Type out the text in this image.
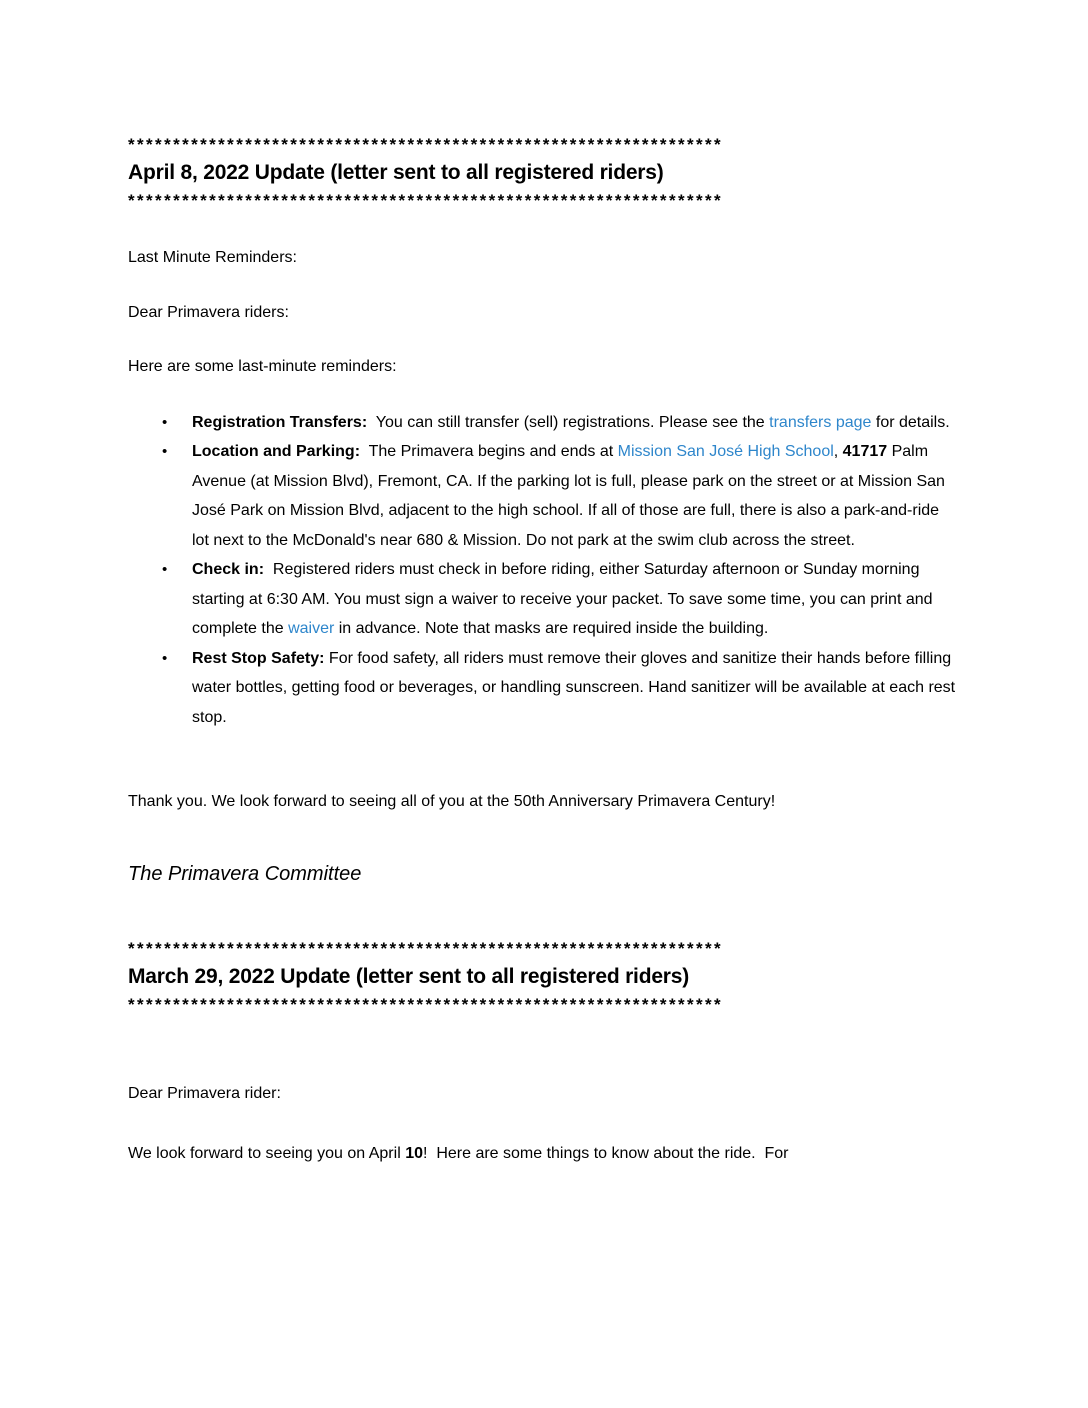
******************************************************************
April 8, 2022 Update (letter sent to all registered riders)
******************************************************************

Last Minute Reminders:

Dear Primavera riders:

Here are some last-minute reminders:

• Registration Transfers:  You can still transfer (sell) registrations. Please see the transfers page for details.
• Location and Parking:  The Primavera begins and ends at Mission San José High School, 41717 Palm Avenue (at Mission Blvd), Fremont, CA. If the parking lot is full, please park on the street or at Mission San José Park on Mission Blvd, adjacent to the high school. If all of those are full, there is also a park-and-ride lot next to the McDonald's near 680 & Mission. Do not park at the swim club across the street.
• Check in:  Registered riders must check in before riding, either Saturday afternoon or Sunday morning starting at 6:30 AM. You must sign a waiver to receive your packet. To save some time, you can print and complete the waiver in advance. Note that masks are required inside the building.
• Rest Stop Safety: For food safety, all riders must remove their gloves and sanitize their hands before filling water bottles, getting food or beverages, or handling sunscreen. Hand sanitizer will be available at each rest stop.

Thank you. We look forward to seeing all of you at the 50th Anniversary Primavera Century!

The Primavera Committee

******************************************************************
March 29, 2022 Update (letter sent to all registered riders)
******************************************************************

Dear Primavera rider:

We look forward to seeing you on April 10!  Here are some things to know about the ride.  For
